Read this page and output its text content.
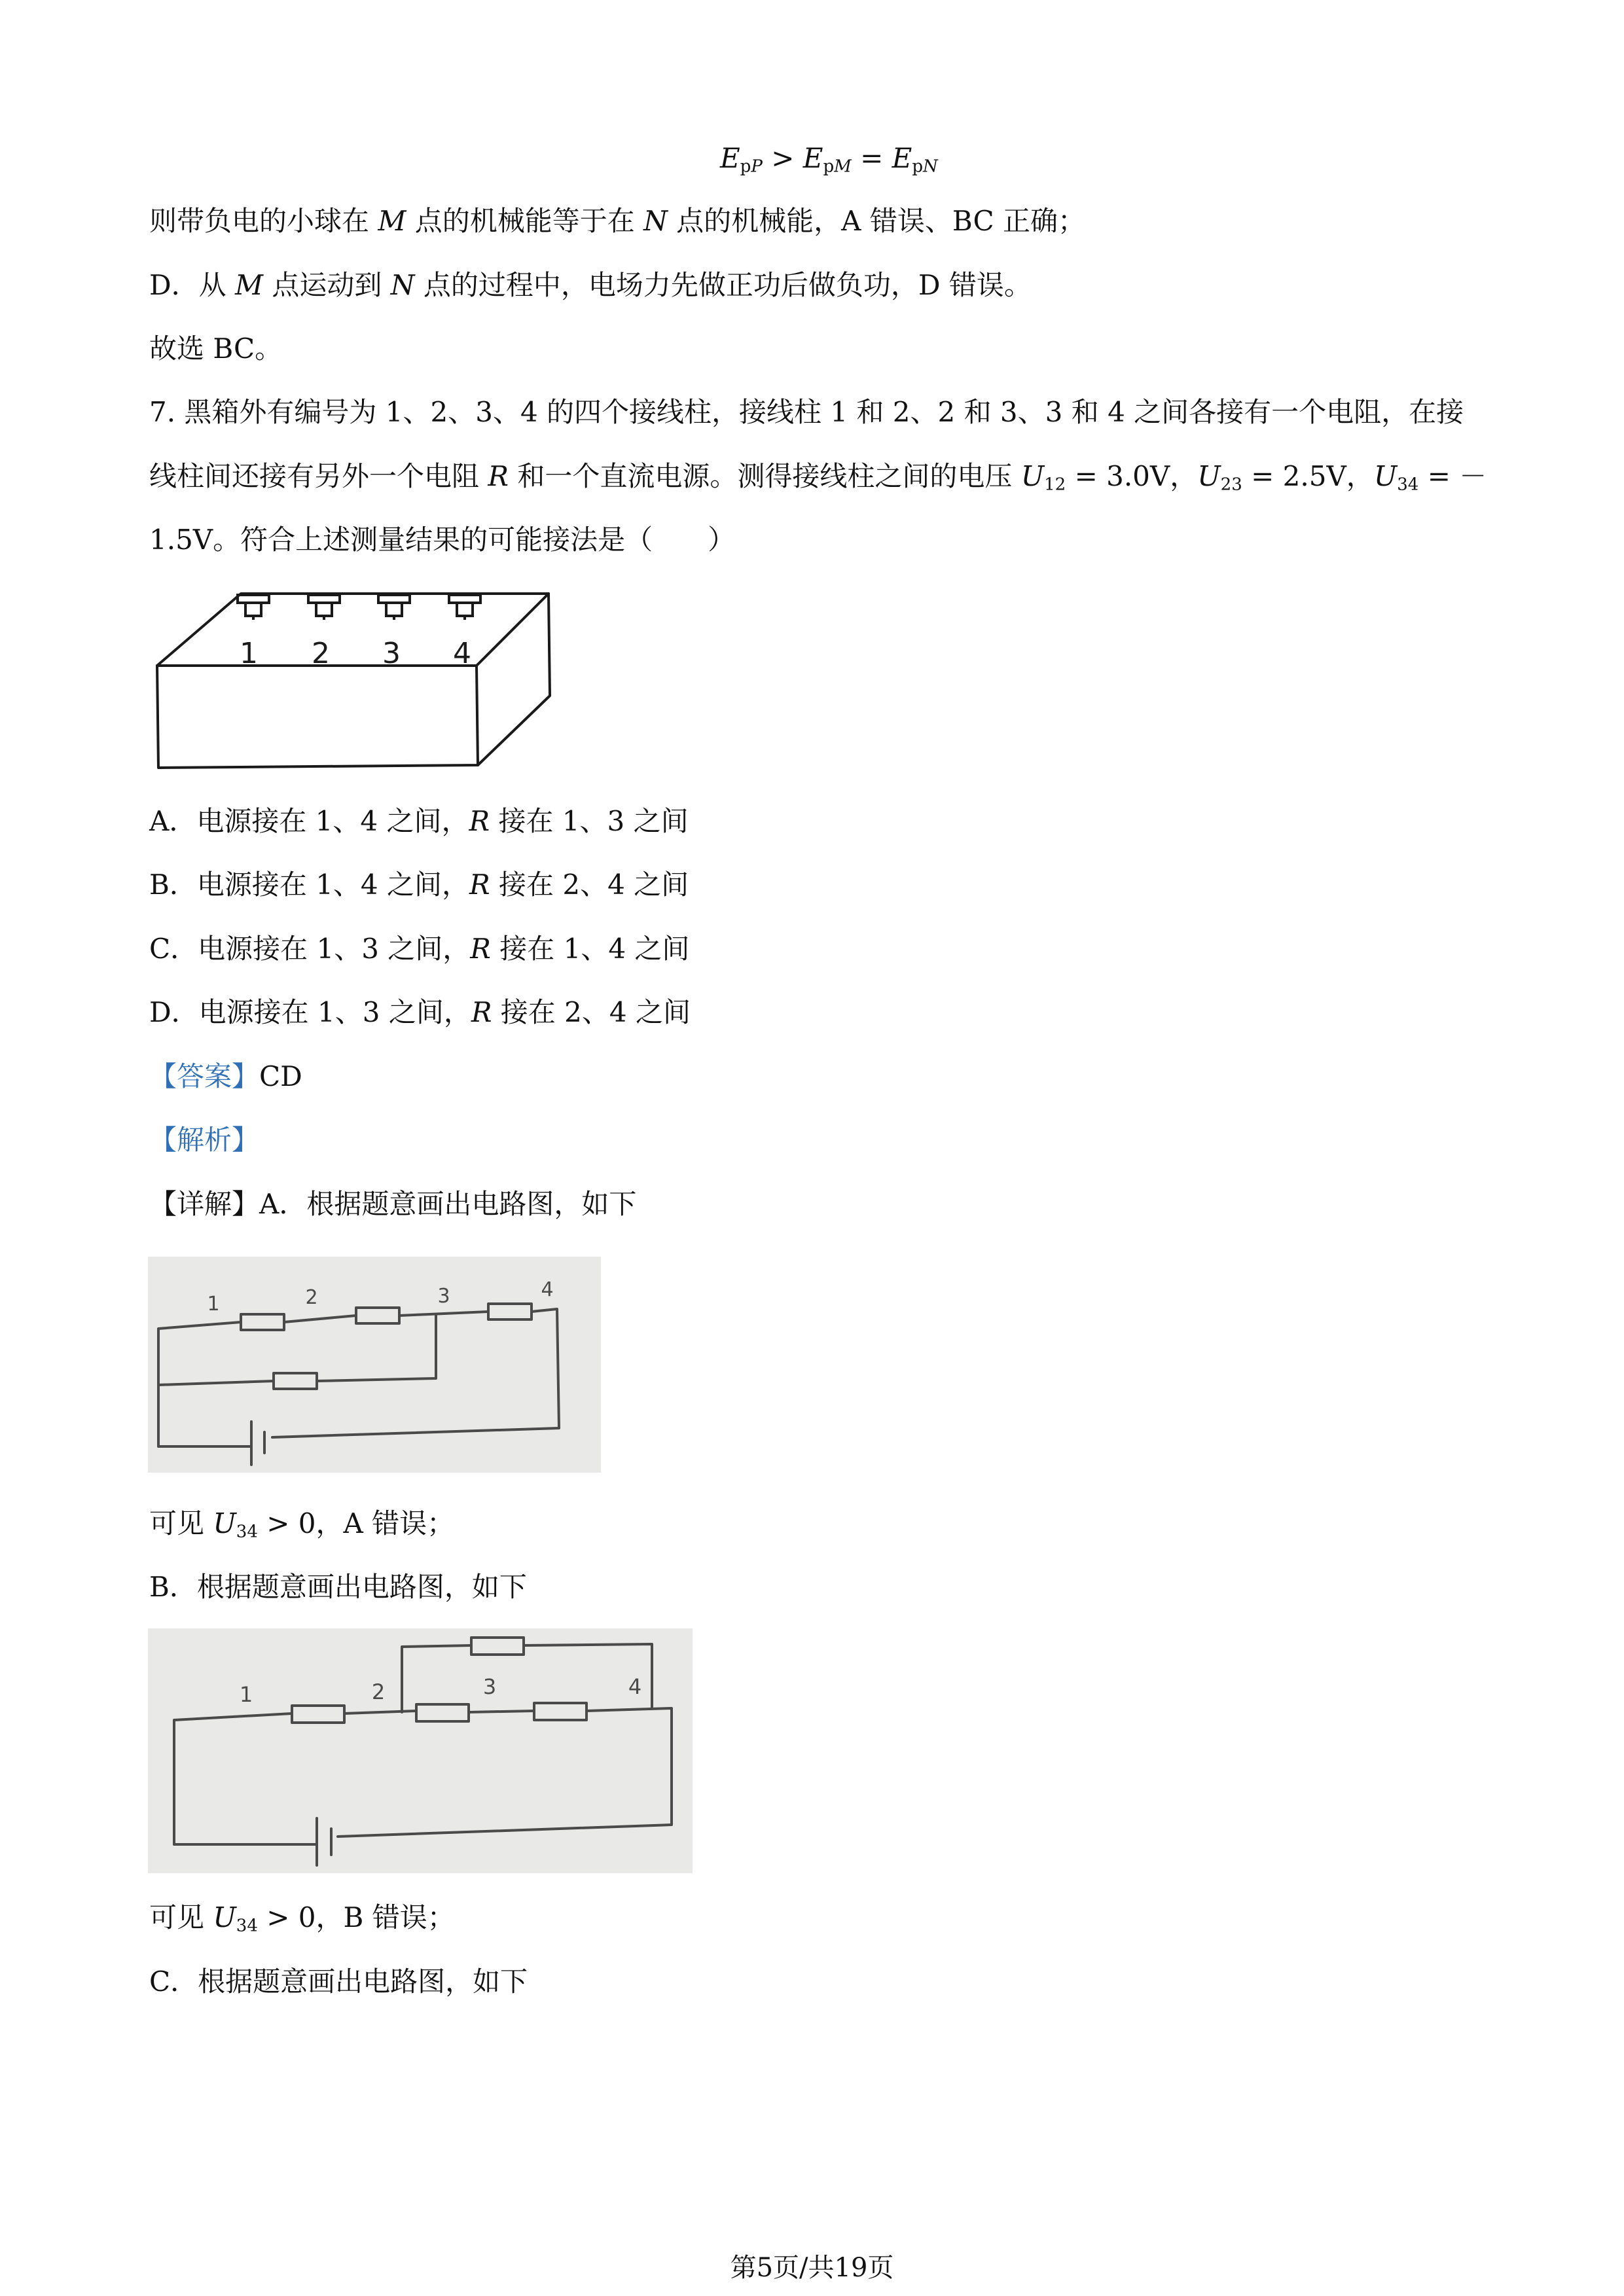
$E_{pP} > E_{pM} = E_{pN}$
则带负电的小球在 M 点的机械能等于在 N 点的机械能，A 错误、BC 正确；
D．从 M 点运动到 N 点的过程中，电场力先做正功后做负功，D 错误。
故选 BC。
7. 黑箱外有编号为 1、2、3、4 的四个接线柱，接线柱 1 和 2、2 和 3、3 和 4 之间各接有一个电阻，在接
线柱间还接有另外一个电阻 R 和一个直流电源。测得接线柱之间的电压 $U_{12} = 3.0V$，$U_{23} = 2.5V$，$U_{34}$ = －
1.5V。符合上述测量结果的可能接法是（　　）
1 2 3 4
A．电源接在 1、4 之间，R 接在 1、3 之间
B．电源接在 1、4 之间，R 接在 2、4 之间
C．电源接在 1、3 之间，R 接在 1、4 之间
D．电源接在 1、3 之间，R 接在 2、4 之间
【答案】CD
【解析】
【详解】A．根据题意画出电路图，如下
1	2	3	4
可见 $U_{34} > 0$，A 错误；
B．根据题意画出电路图，如下
1	2	3	4
可见 $U_{34} > 0$，B 错误；
C．根据题意画出电路图，如下
第5页/共19页
